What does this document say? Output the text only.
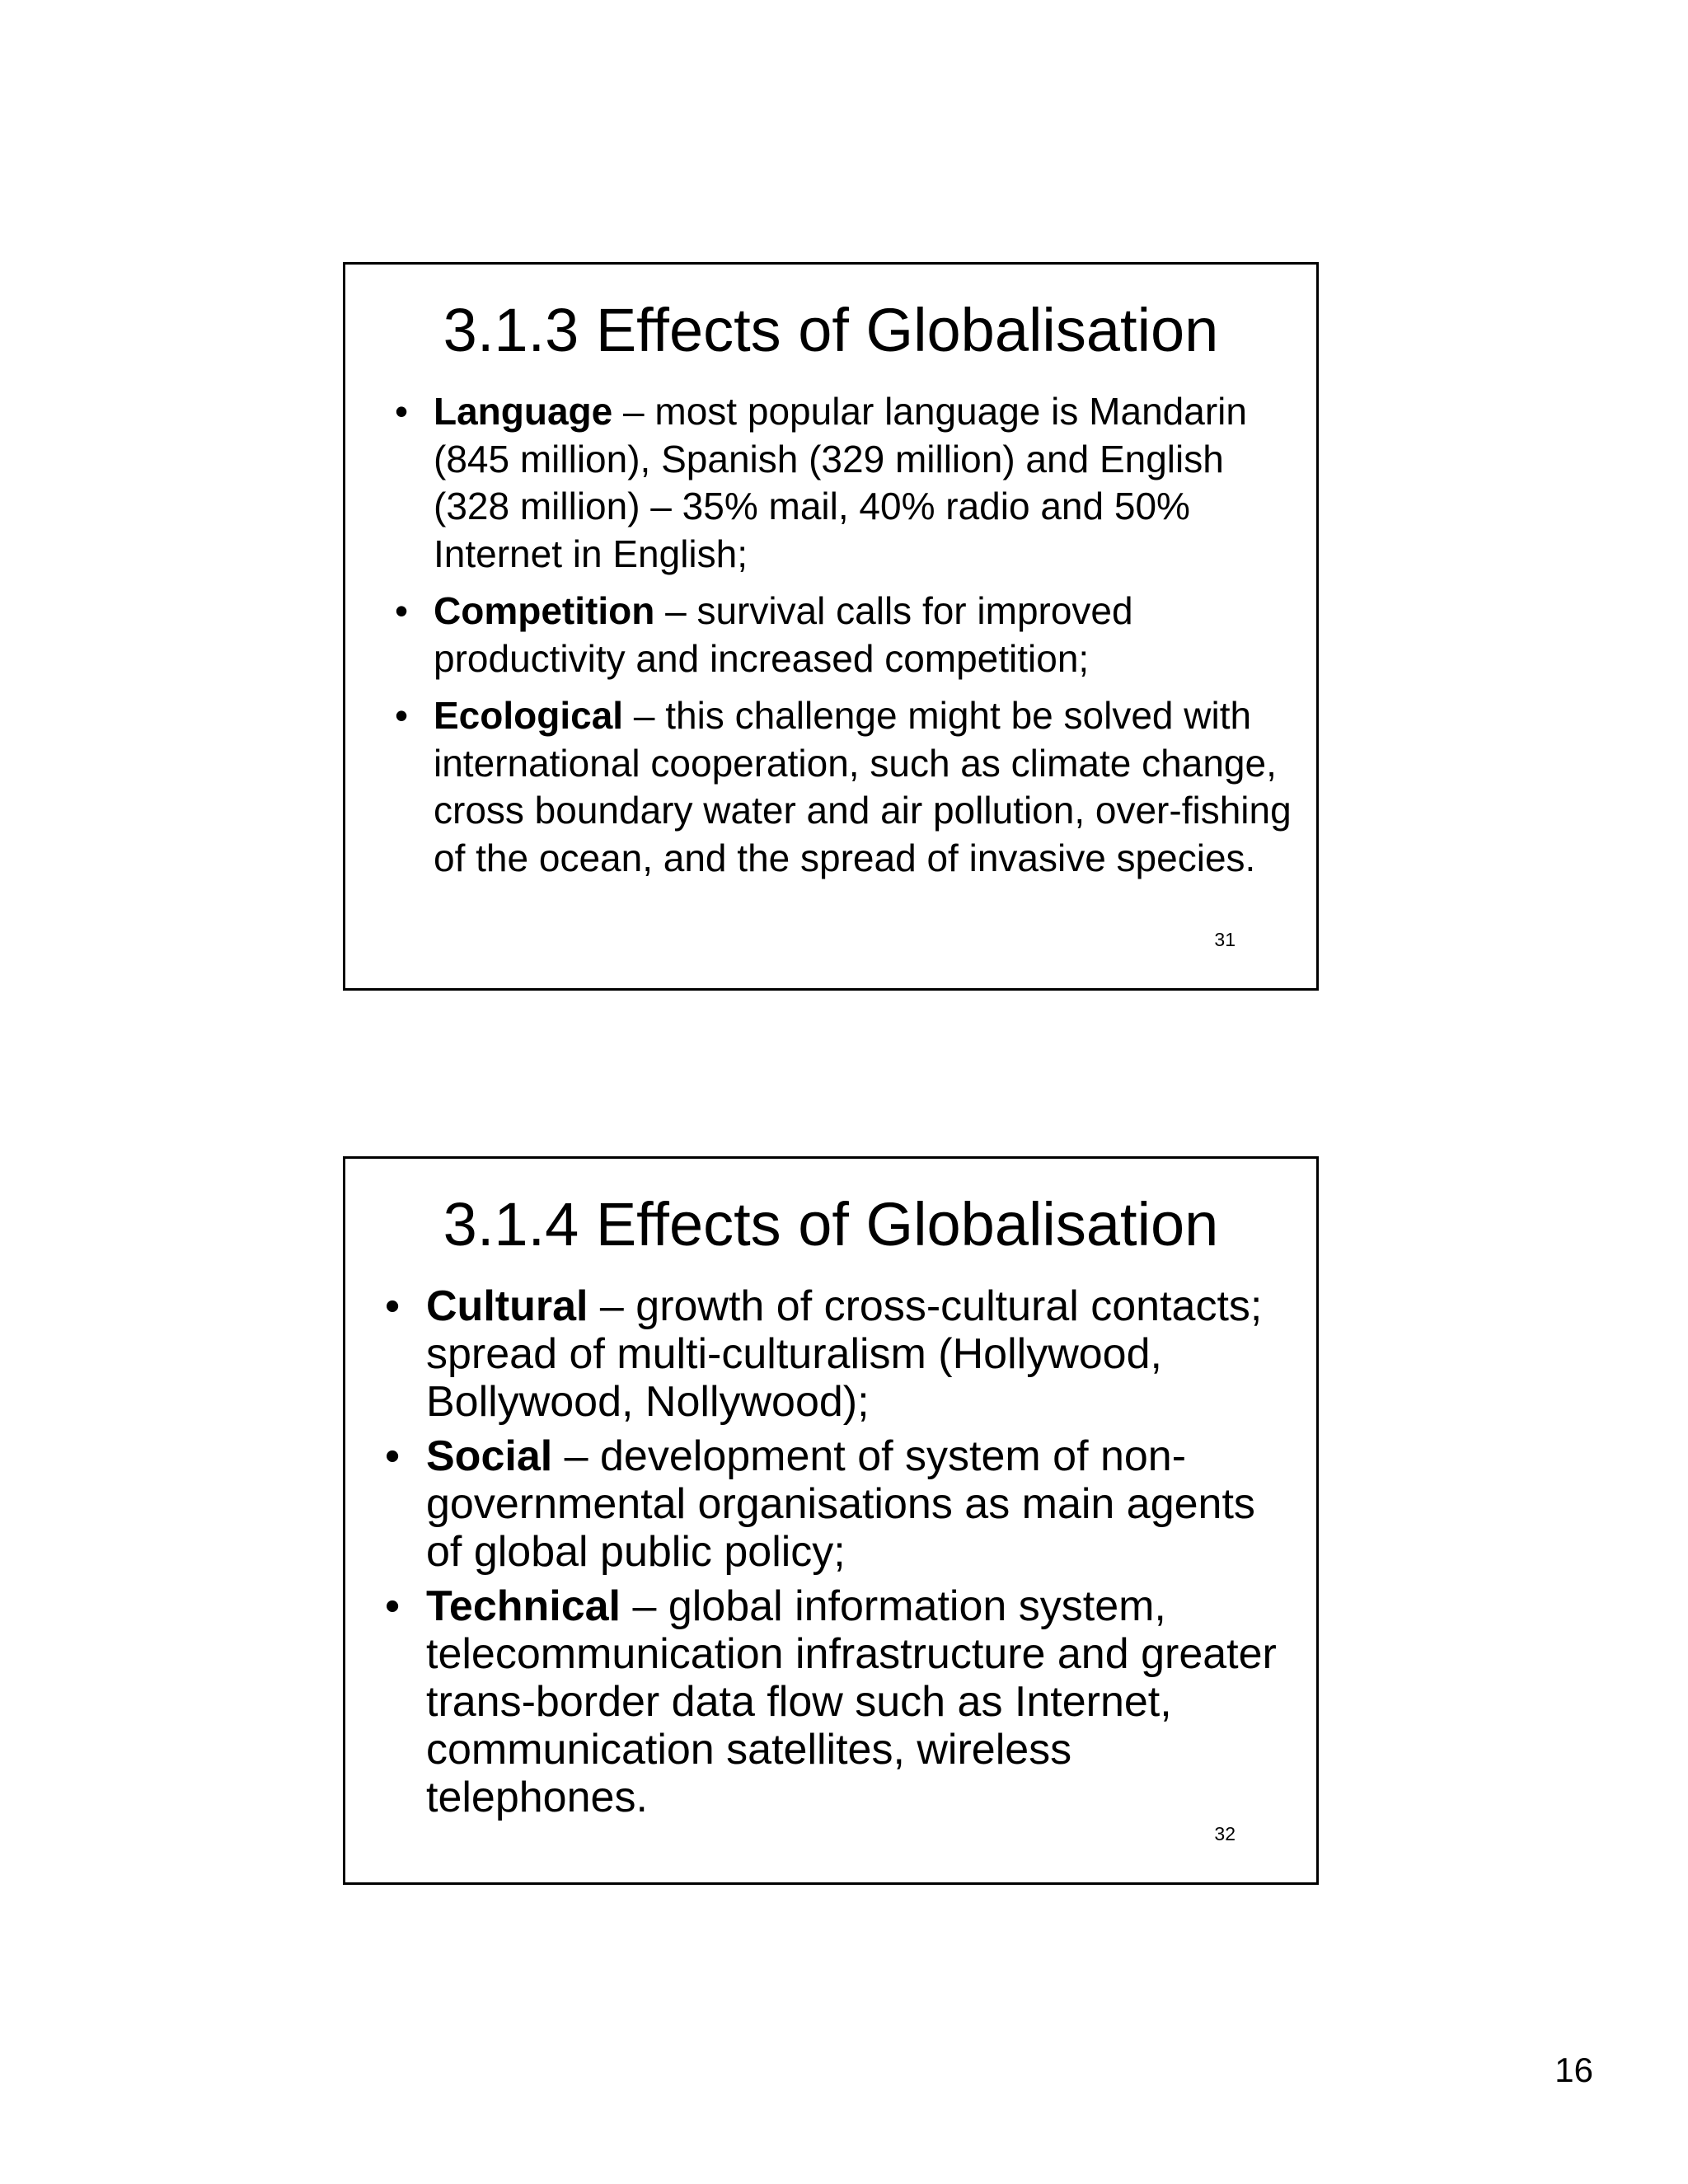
3.1.3 Effects of Globalisation
• Language – most popular language is Mandarin (845 million), Spanish (329 million) and English (328 million) – 35% mail, 40% radio and 50% Internet in English;
• Competition – survival calls for improved productivity and increased competition;
• Ecological – this challenge might be solved with international cooperation, such as climate change, cross boundary water and air pollution, over-fishing of the ocean, and the spread of invasive species.
31
3.1.4 Effects of Globalisation
• Cultural – growth of cross-cultural contacts; spread of multi-culturalism (Hollywood, Bollywood, Nollywood);
• Social – development of system of non-governmental organisations as main agents of global public policy;
• Technical – global information system, telecommunication infrastructure and greater trans-border data flow such as Internet, communication satellites, wireless telephones.
32
16
